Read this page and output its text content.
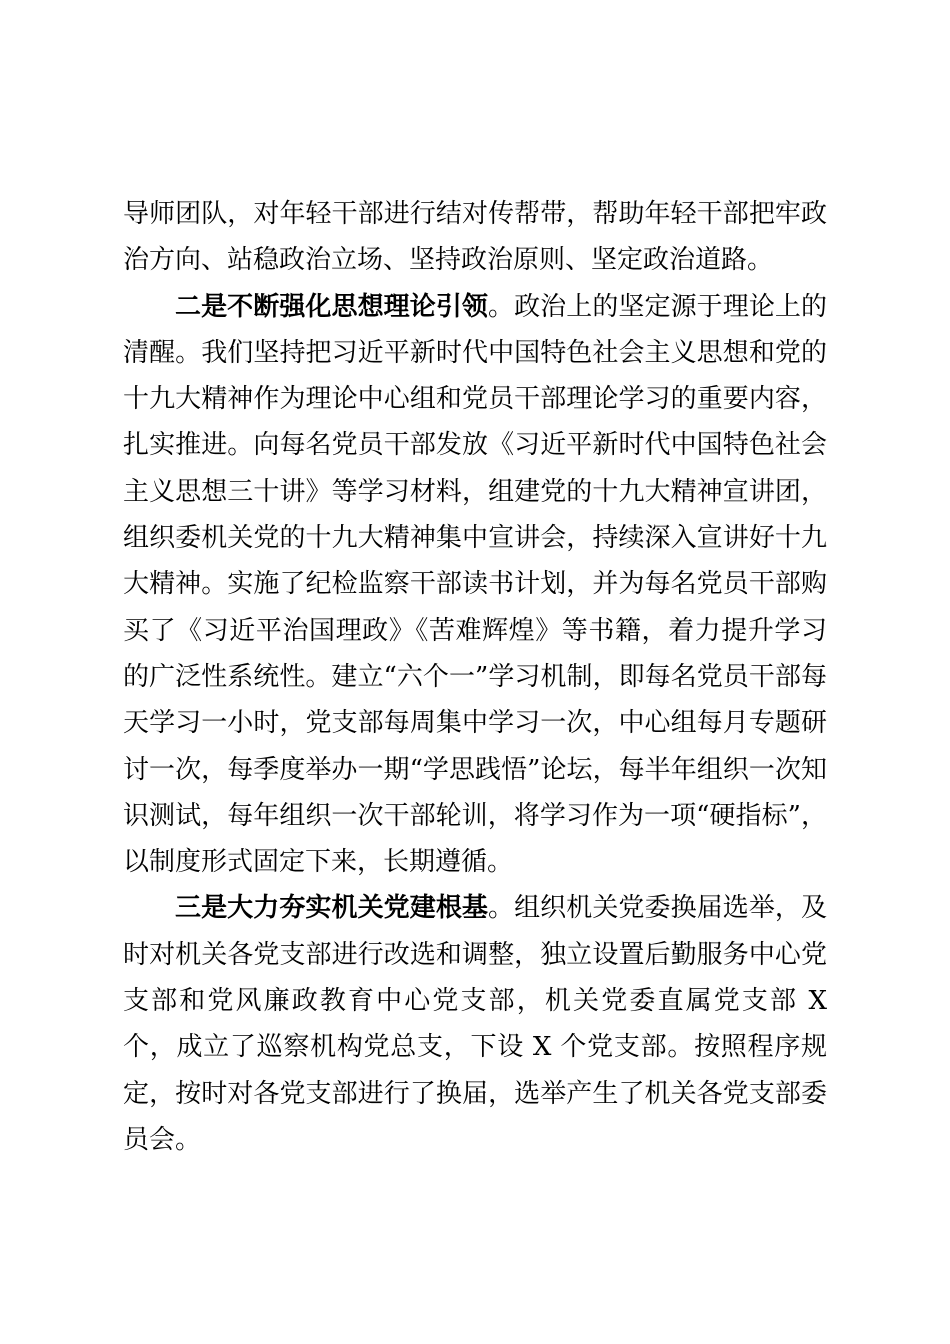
导师团队，对年轻干部进行结对传帮带，帮助年轻干部把牢政治方向、站稳政治立场、坚持政治原则、坚定政治道路。

二是不断强化思想理论引领。政治上的坚定源于理论上的清醒。我们坚持把习近平新时代中国特色社会主义思想和党的十九大精神作为理论中心组和党员干部理论学习的重要内容，扎实推进。向每名党员干部发放《习近平新时代中国特色社会主义思想三十讲》等学习材料，组建党的十九大精神宣讲团，组织委机关党的十九大精神集中宣讲会，持续深入宣讲好十九大精神。实施了纪检监察干部读书计划，并为每名党员干部购买了《习近平治国理政》《苦难辉煌》等书籍，着力提升学习的广泛性系统性。建立“六个一”学习机制，即每名党员干部每天学习一小时，党支部每周集中学习一次，中心组每月专题研讨一次，每季度举办一期“学思践悟”论坛，每半年组织一次知识测试，每年组织一次干部轮训，将学习作为一项“硬指标”，以制度形式固定下来，长期遵循。

三是大力夯实机关党建根基。组织机关党委换届选举，及时对机关各党支部进行改选和调整，独立设置后勤服务中心党支部和党风廉政教育中心党支部，机关党委直属党支部 X 个，成立了巡察机构党总支，下设 X 个党支部。按照程序规定，按时对各党支部进行了换届，选举产生了机关各党支部委员会。
